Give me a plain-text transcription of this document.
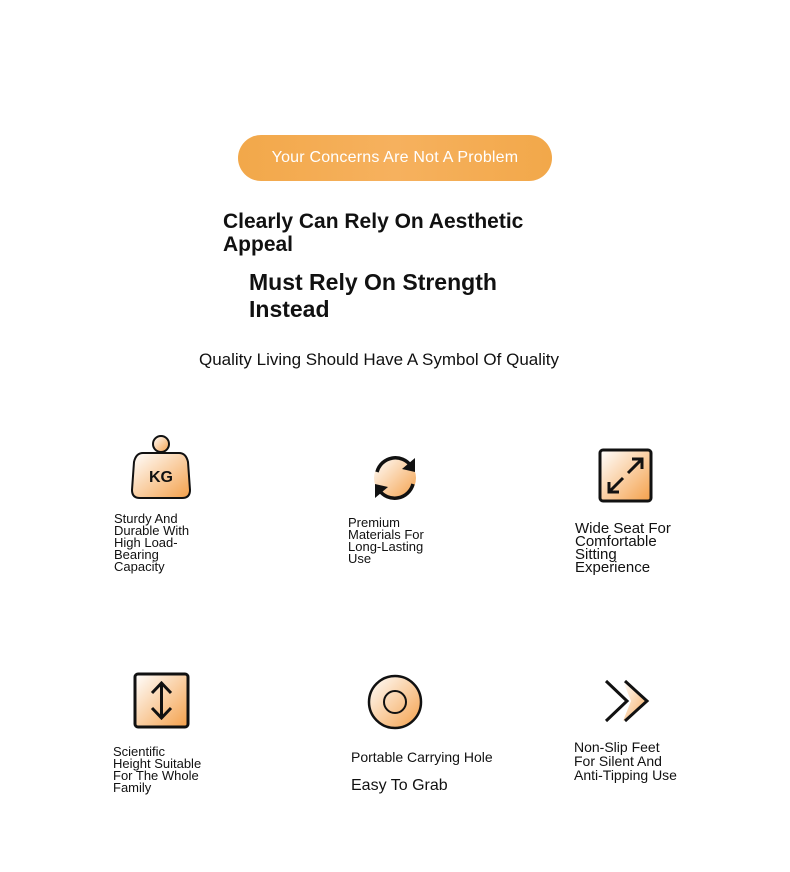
Your Concerns Are Not A Problem
Clearly Can Rely On Aesthetic Appeal
Must Rely On Strength Instead
Quality Living Should Have A Symbol Of Quality
KG
Sturdy And Durable With High Load-Bearing Capacity
Premium Materials For Long-Lasting Use
Wide Seat For Comfortable Sitting Experience
Scientific Height Suitable For The Whole Family
Portable Carrying Hole
Easy To Grab
Non-Slip Feet For Silent And Anti-Tipping Use
